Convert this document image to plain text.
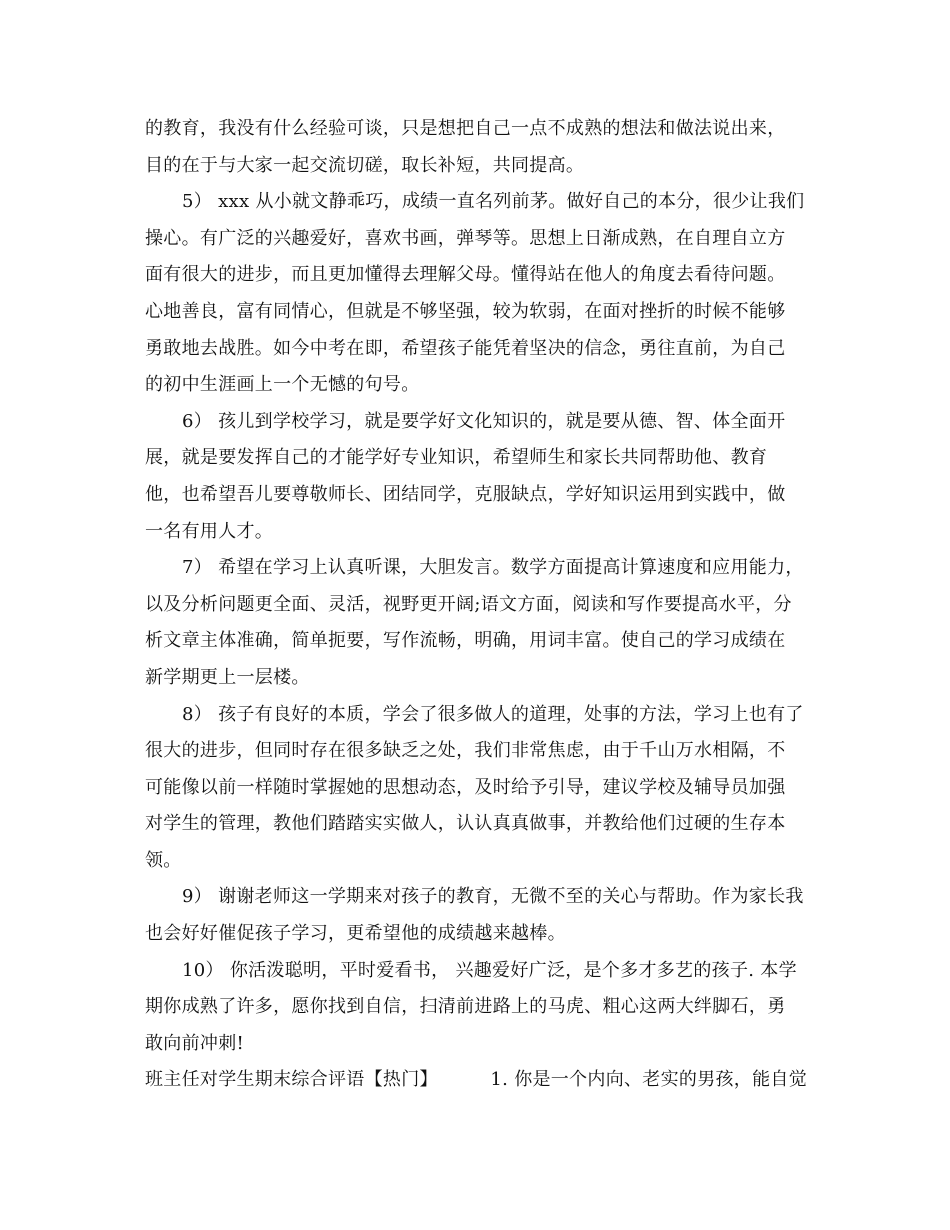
的教育，我没有什么经验可谈，只是想把自己一点不成熟的想法和做法说出来，
目的在于与大家一起交流切磋，取长补短，共同提高。
5） xxx 从小就文静乖巧，成绩一直名列前茅。做好自己的本分，很少让我们
操心。有广泛的兴趣爱好，喜欢书画，弹琴等。思想上日渐成熟，在自理自立方
面有很大的进步，而且更加懂得去理解父母。懂得站在他人的角度去看待问题。
心地善良，富有同情心，但就是不够坚强，较为软弱，在面对挫折的时候不能够
勇敢地去战胜。如今中考在即，希望孩子能凭着坚决的信念，勇往直前，为自己
的初中生涯画上一个无憾的句号。
6） 孩儿到学校学习，就是要学好文化知识的，就是要从德、智、体全面开
展，就是要发挥自己的才能学好专业知识，希望师生和家长共同帮助他、教育
他，也希望吾儿要尊敬师长、团结同学，克服缺点，学好知识运用到实践中，做
一名有用人才。
7） 希望在学习上认真听课，大胆发言。数学方面提高计算速度和应用能力，
以及分析问题更全面、灵活，视野更开阔;语文方面，阅读和写作要提高水平，分
析文章主体准确，简单扼要，写作流畅，明确，用词丰富。使自己的学习成绩在
新学期更上一层楼。
8） 孩子有良好的本质，学会了很多做人的道理，处事的方法，学习上也有了
很大的进步，但同时存在很多缺乏之处，我们非常焦虑，由于千山万水相隔，不
可能像以前一样随时掌握她的思想动态，及时给予引导，建议学校及辅导员加强
对学生的管理，教他们踏踏实实做人，认认真真做事，并教给他们过硬的生存本
领。
9） 谢谢老师这一学期来对孩子的教育，无微不至的关心与帮助。作为家长我
也会好好催促孩子学习，更希望他的成绩越来越棒。
10） 你活泼聪明，平时爱看书， 兴趣爱好广泛，是个多才多艺的孩子. 本学
期你成熟了许多，愿你找到自信，扫清前进路上的马虎、粗心这两大绊脚石，勇
敢向前冲刺!
班主任对学生期末综合评语【热门】	1. 你是一个内向、老实的男孩，能自觉
